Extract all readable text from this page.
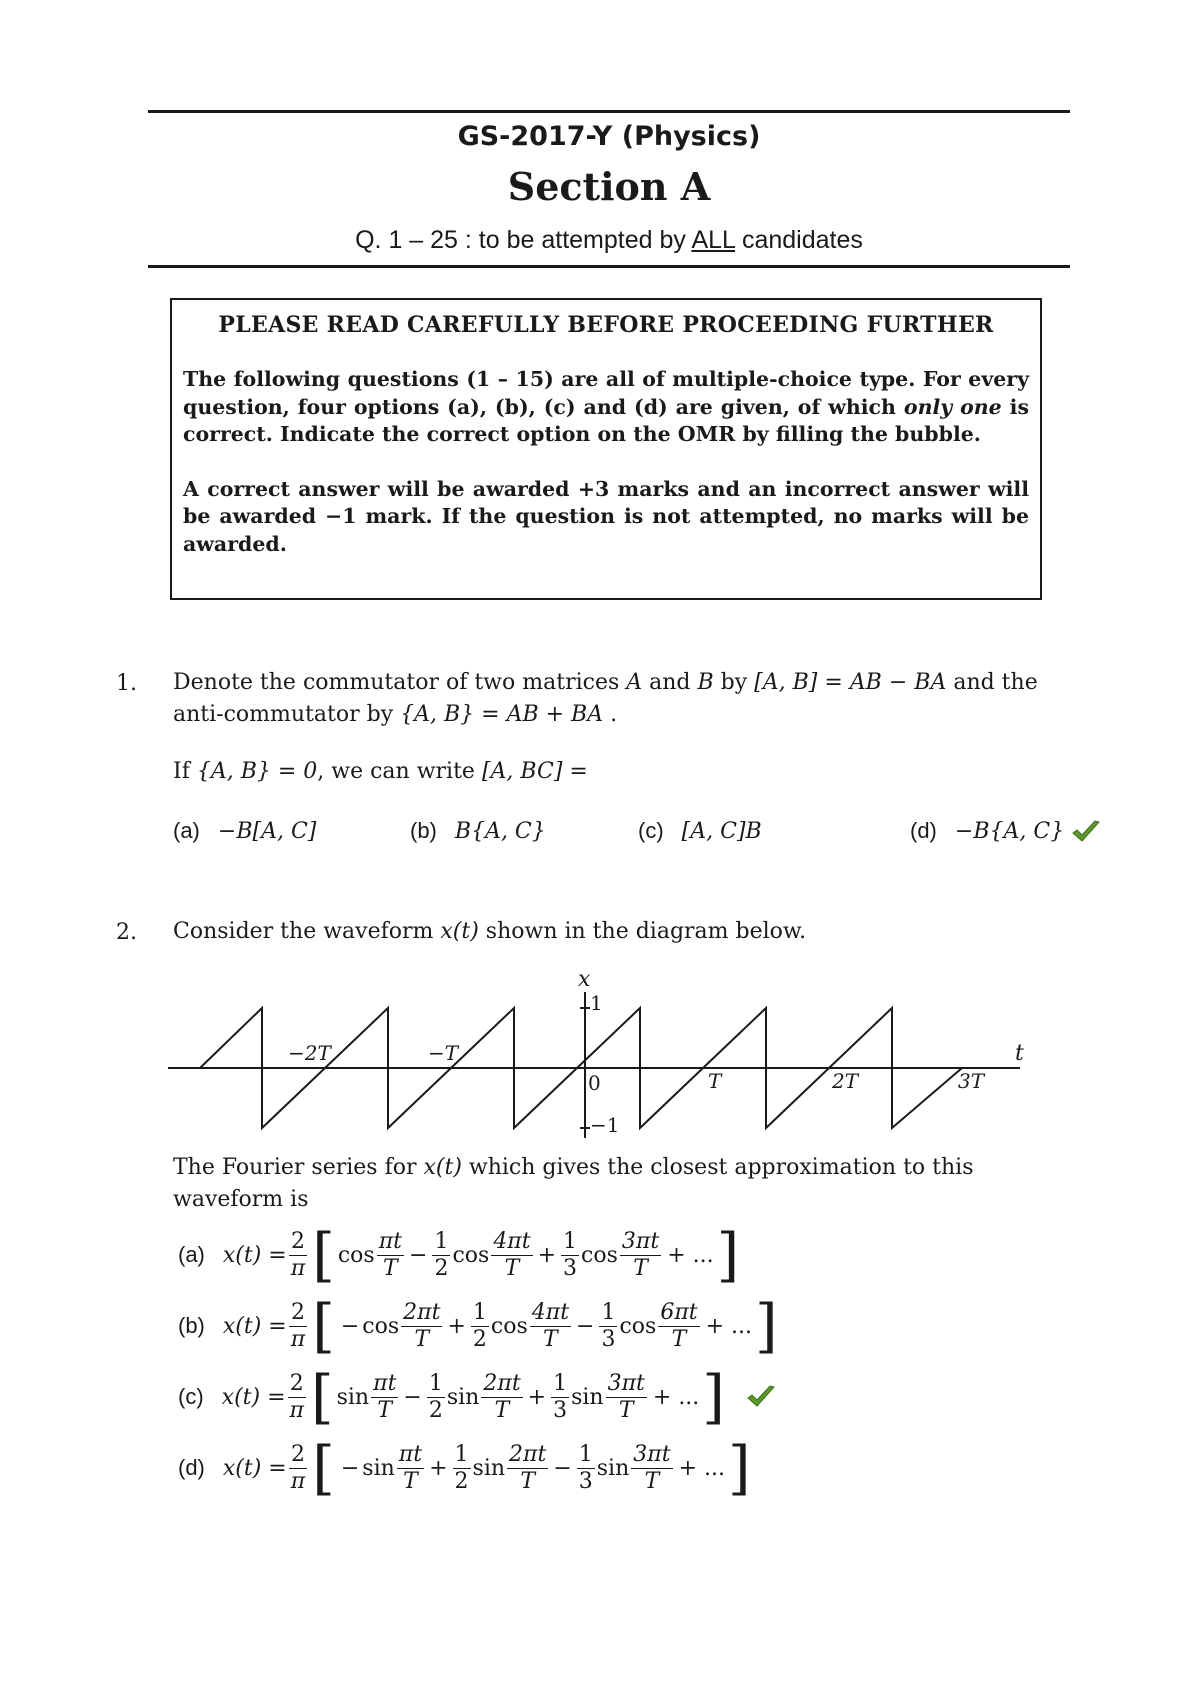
GS-2017-Y (Physics)
Section A
Q. 1 – 25 : to be attempted by ALL candidates
PLEASE READ CAREFULLY BEFORE PROCEEDING FURTHER

The following questions (1 – 15) are all of multiple-choice type. For every question, four options (a), (b), (c) and (d) are given, of which only one is correct. Indicate the correct option on the OMR by filling the bubble.

A correct answer will be awarded +3 marks and an incorrect answer will be awarded −1 mark. If the question is not attempted, no marks will be awarded.

1. Denote the commutator of two matrices A and B by [A, B] = AB − BA and the anti-commutator by {A, B} = AB + BA .
If {A, B} = 0, we can write [A, BC] =
(a) −B[A, C]	(b) B{A, C}	(c) [A, C]B	(d) −B{A, C}
2. Consider the waveform x(t) shown in the diagram below.
x
t
1
−1
−2T	−T
0	T	2T	3T
The Fourier series for x(t) which gives the closest approximation to this waveform is
(a) $x(t) = \frac{2}{\pi}$ [ $\cos \frac{\pi t}{T} - \frac{1}{2}$ $\cos \frac{4\pi t}{T} + \frac{1}{3}$ $\cos \frac{3\pi t}{T}$ + ... ]
(b) $x(t) = \frac{2}{\pi}$ [ − $\cos \frac{2\pi t}{T} + \frac{1}{2}$ $\cos \frac{4\pi t}{T} - \frac{1}{3}$ $\cos \frac{6\pi t}{T}$ + ... ]
(c) $x(t) = \frac{2}{\pi}$ [ $\sin \frac{\pi t}{T} - \frac{1}{2}$ $\sin \frac{2\pi t}{T} + \frac{1}{3}$ $\sin \frac{3\pi t}{T}$ + ... ]
(d) $x(t) = \frac{2}{\pi}$ [ − $\sin \frac{\pi t}{T} + \frac{1}{2}$ $\sin \frac{2\pi t}{T} - \frac{1}{3}$ $\sin \frac{3\pi t}{T}$ + ... ]
